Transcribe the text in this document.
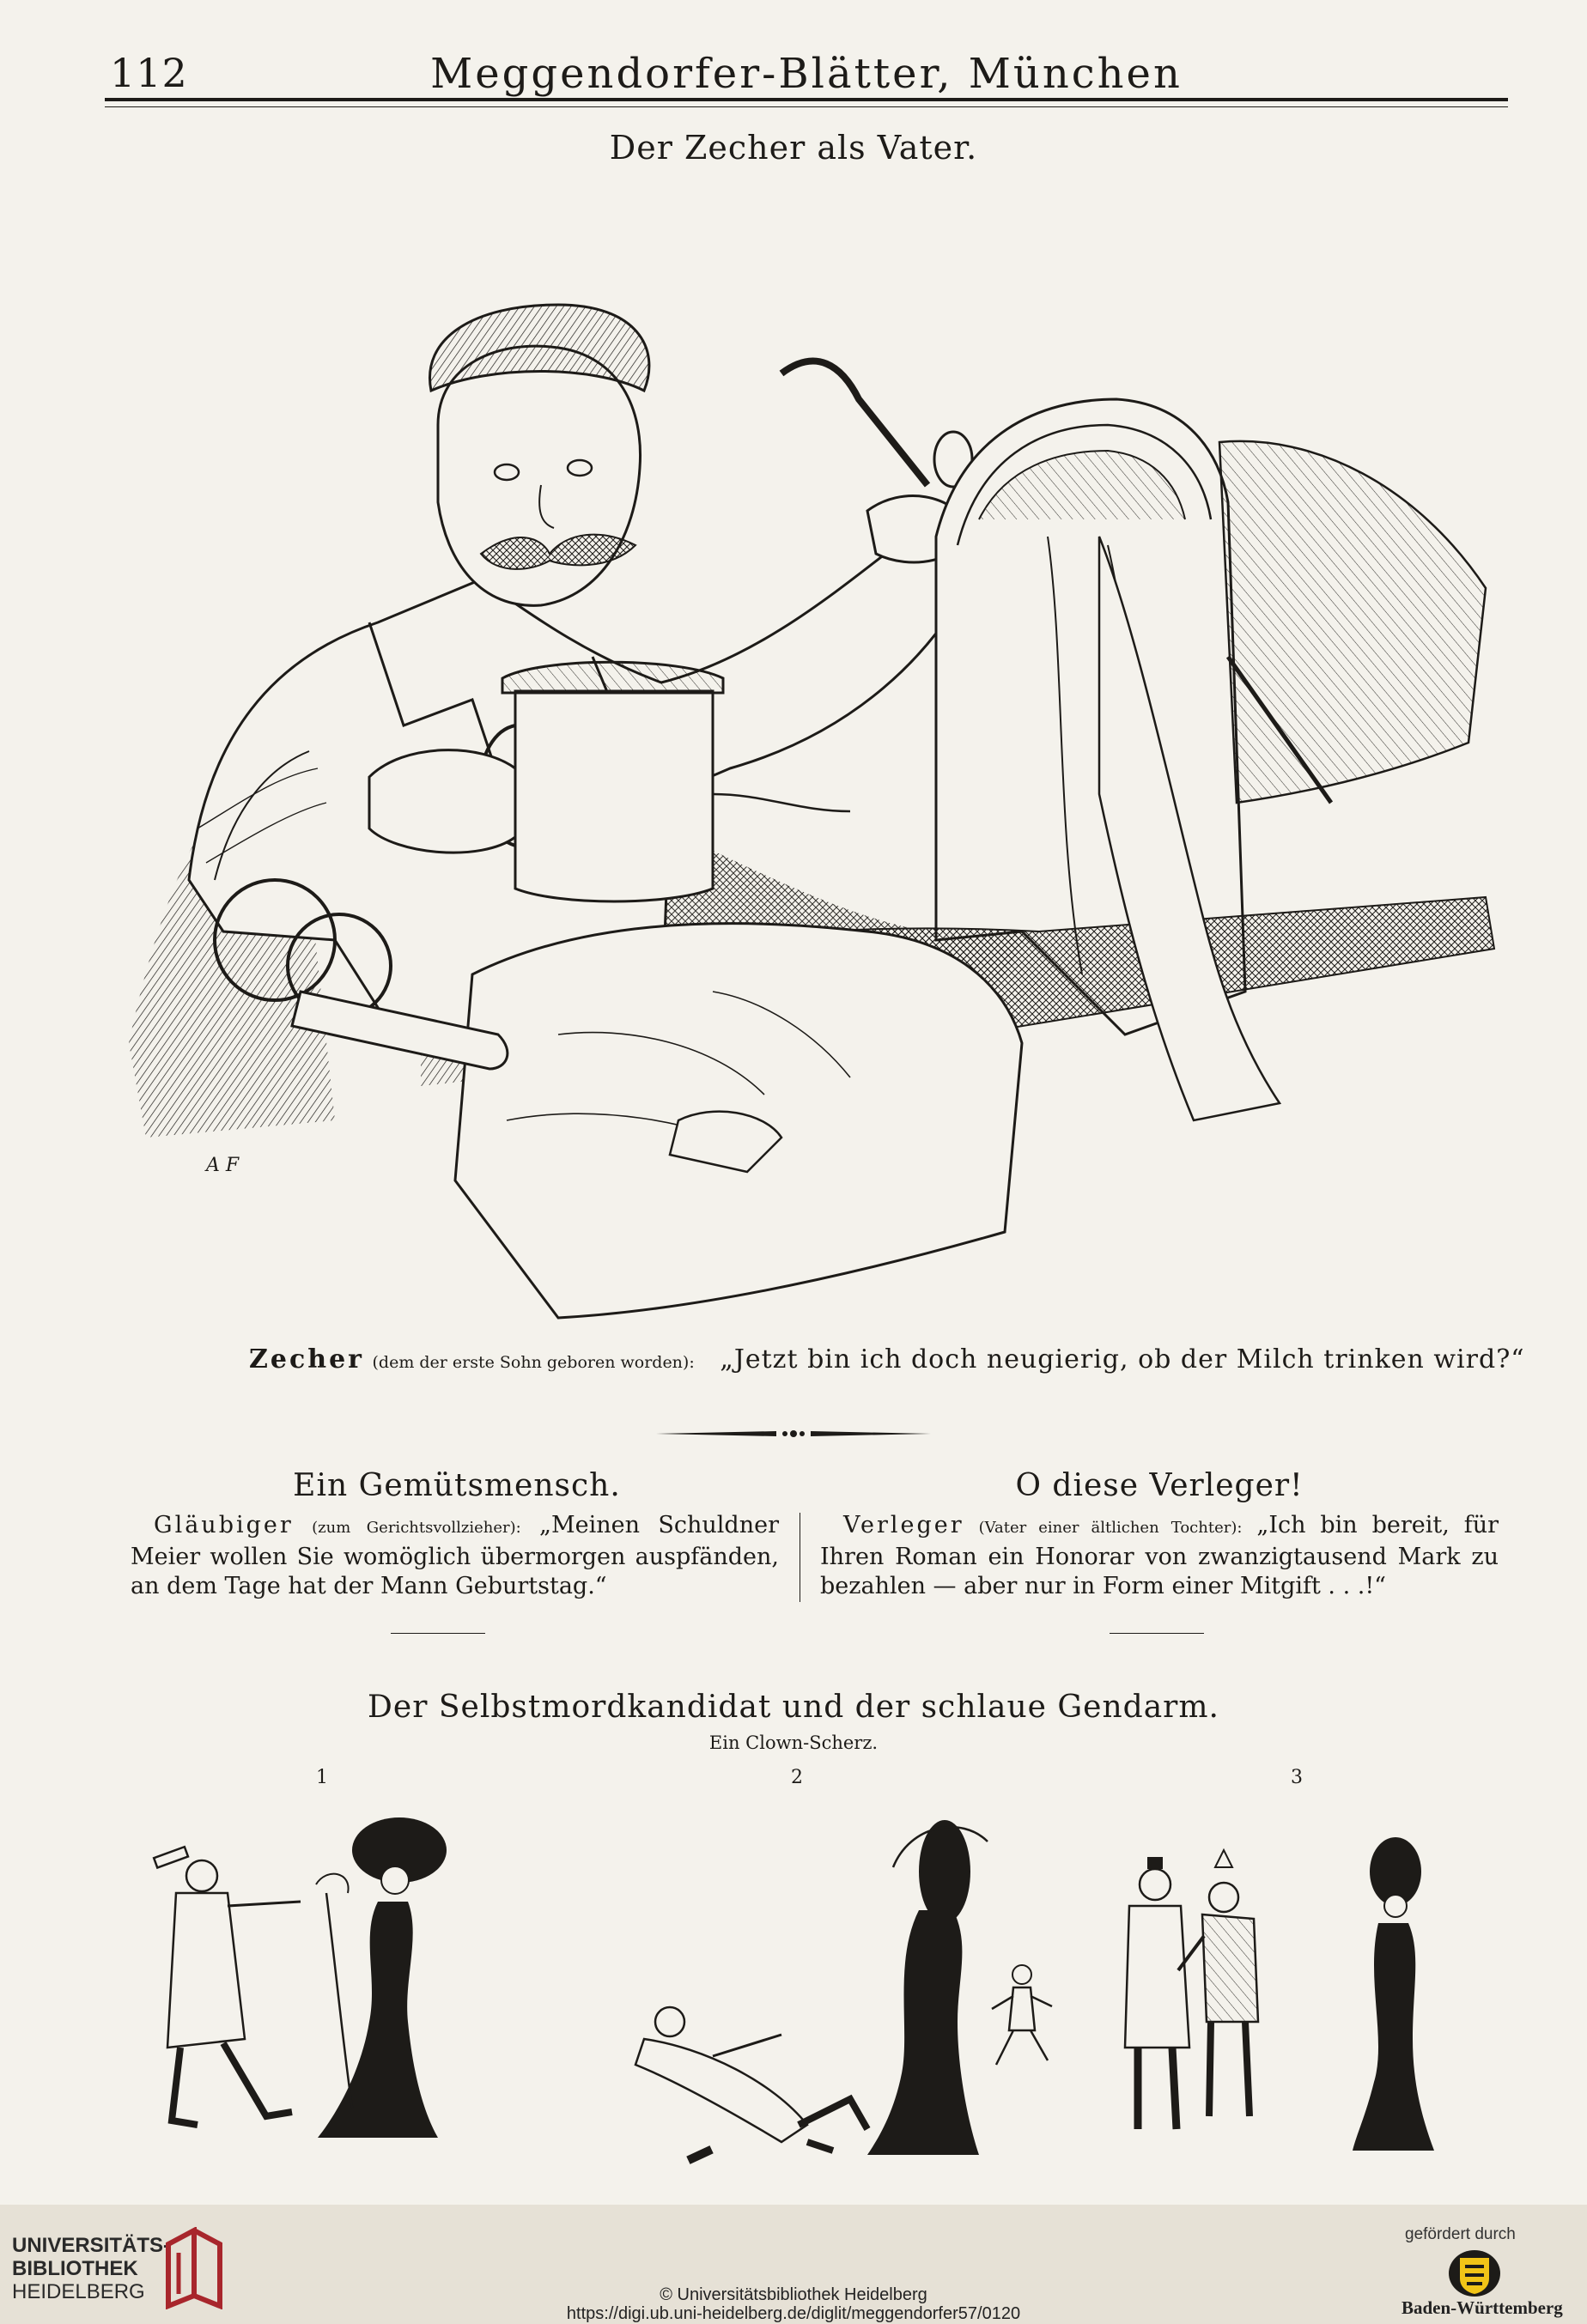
112	Meggendorfer-Blätter, München
Der Zecher als Vater.
A F
Zecher (dem der erste Sohn geboren worden): „Jetzt bin ich doch neugierig, ob der Milch trinken wird?“
Ein Gemütsmensch.	O diese Verleger!
 Gläubiger (zum Gerichtsvollzieher): „Meinen Schuldner Meier wollen Sie womöglich übermorgen auspfänden, an dem Tage hat der Mann Geburtstag.“
 Verleger (Vater einer ältlichen Tochter): „Ich bin bereit, für Ihren Roman ein Honorar von zwanzigtausend Mark zu bezahlen — aber nur in Form einer Mitgift . . .!“
Der Selbstmordkandidat und der schlaue Gendarm.
Ein Clown-Scherz.
1	2	3
UNIVERSITÄTS-
BIBLIOTHEK
HEIDELBERG	© Universitätsbibliothek Heidelberg
https://digi.ub.uni-heidelberg.de/diglit/meggendorfer57/0120
gefördert durch
Baden-Württemberg
